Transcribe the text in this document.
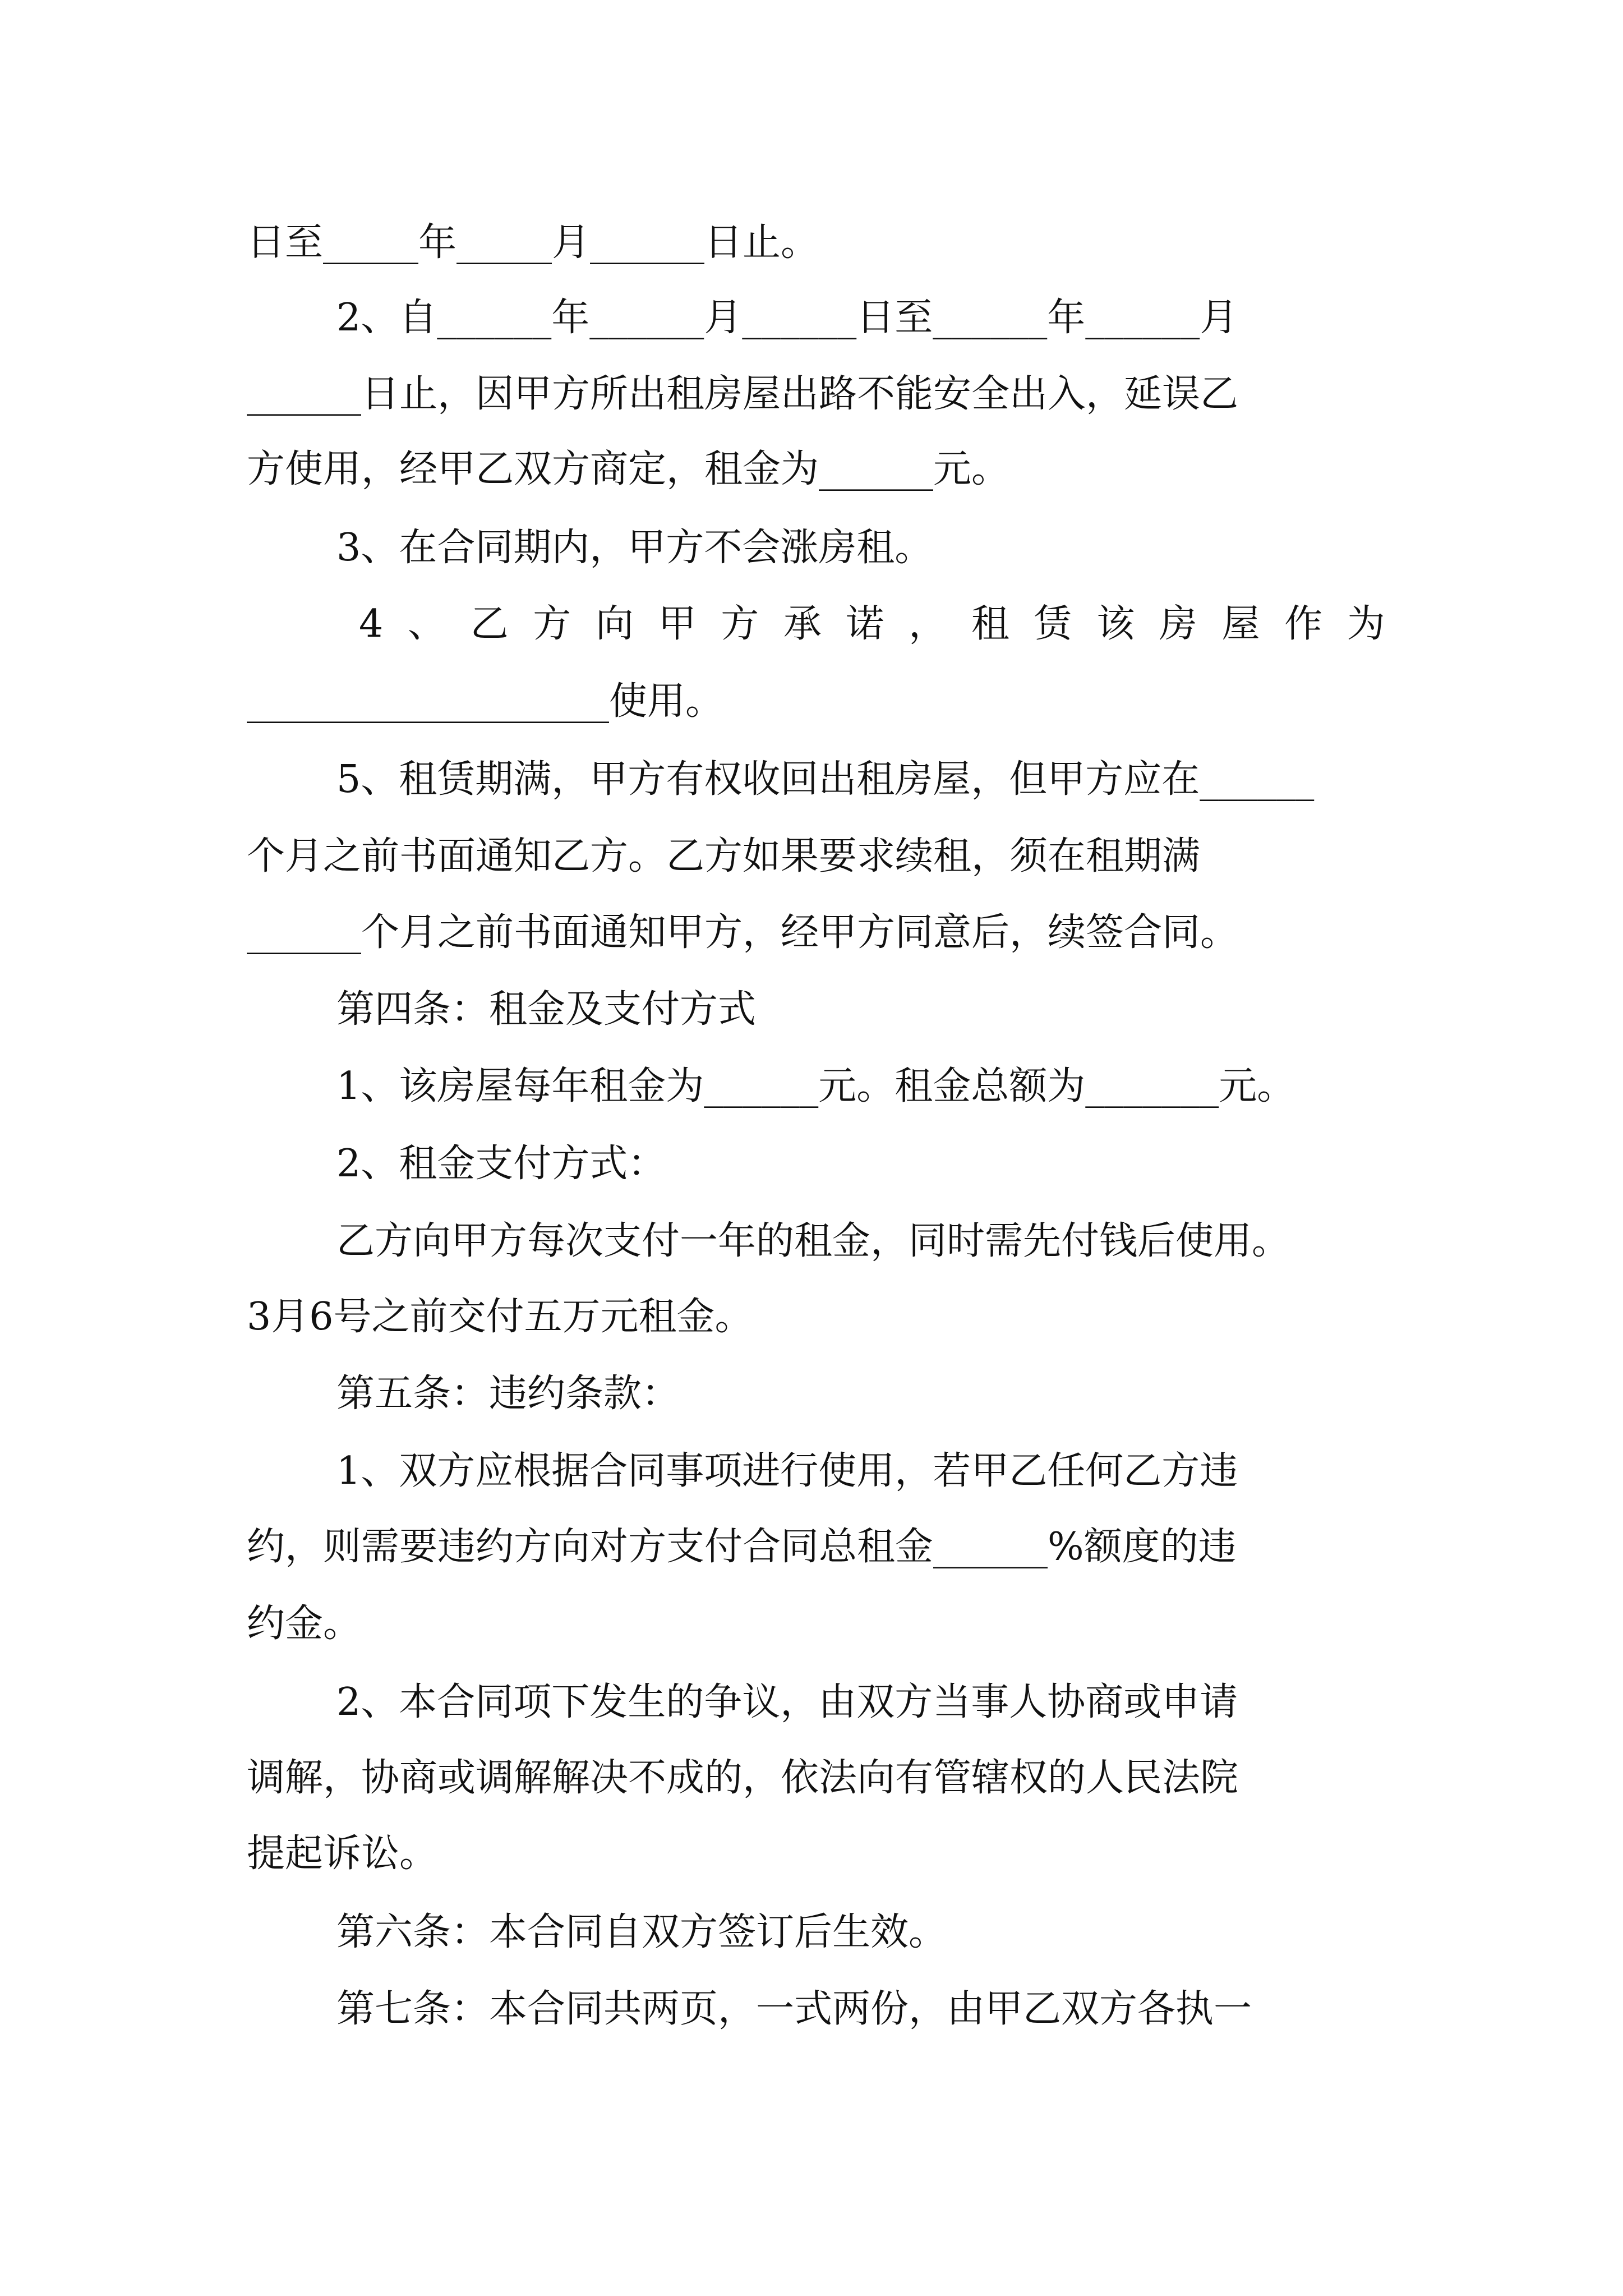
日至_____年_____月______日止。
2、自______年______月______日至______年______月
______日止，因甲方所出租房屋出路不能安全出入，延误乙
方使用，经甲乙双方商定，租金为______元。
3、在合同期内，甲方不会涨房租。
4 、 乙 方 向 甲 方 承 诺 ， 租 赁 该 房 屋 作 为
___________________使用。
5、租赁期满，甲方有权收回出租房屋，但甲方应在______
个月之前书面通知乙方。乙方如果要求续租，须在租期满
______个月之前书面通知甲方，经甲方同意后，续签合同。
第四条：租金及支付方式
1、该房屋每年租金为______元。租金总额为_______元。
2、租金支付方式：
乙方向甲方每次支付一年的租金，同时需先付钱后使用。
3月6号之前交付五万元租金。
第五条：违约条款：
1、双方应根据合同事项进行使用，若甲乙任何乙方违
约，则需要违约方向对方支付合同总租金______%额度的违
约金。
2、本合同项下发生的争议，由双方当事人协商或申请
调解，协商或调解解决不成的，依法向有管辖权的人民法院
提起诉讼。
第六条：本合同自双方签订后生效。
第七条：本合同共两页，一式两份，由甲乙双方各执一
